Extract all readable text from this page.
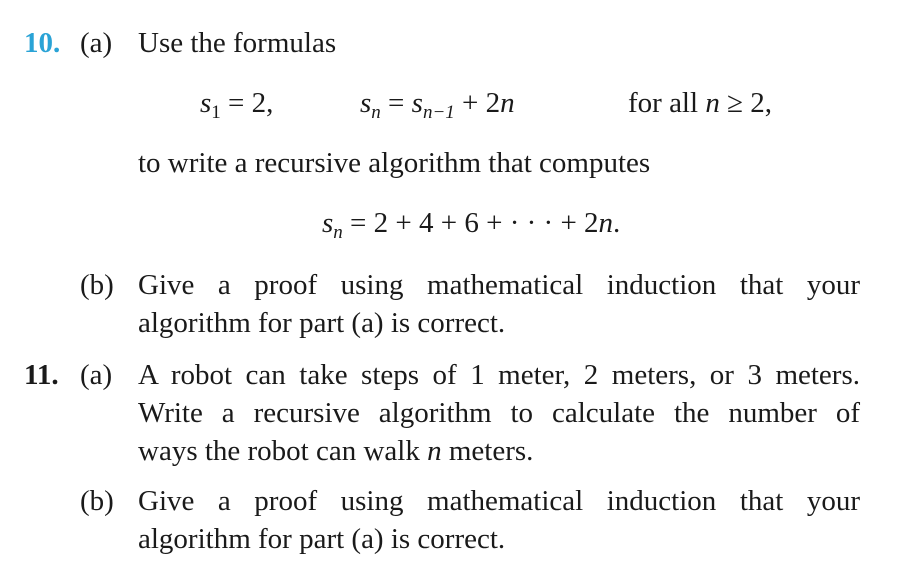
10. (a) Use the formulas
$s_1 = 2$,	$s_n = s_{n-1} + 2n$	for all n ≥ 2,
to write a recursive algorithm that computes
$s_n = 2 + 4 + 6$ + · · · + 2n.
(b) Give a proof using mathematical induction that your
algorithm for part (a) is correct.
11. (a) A robot can take steps of 1 meter, 2 meters, or 3 meters.
Write a recursive algorithm to calculate the number of
ways the robot can walk n meters.
(b) Give a proof using mathematical induction that your
algorithm for part (a) is correct.
